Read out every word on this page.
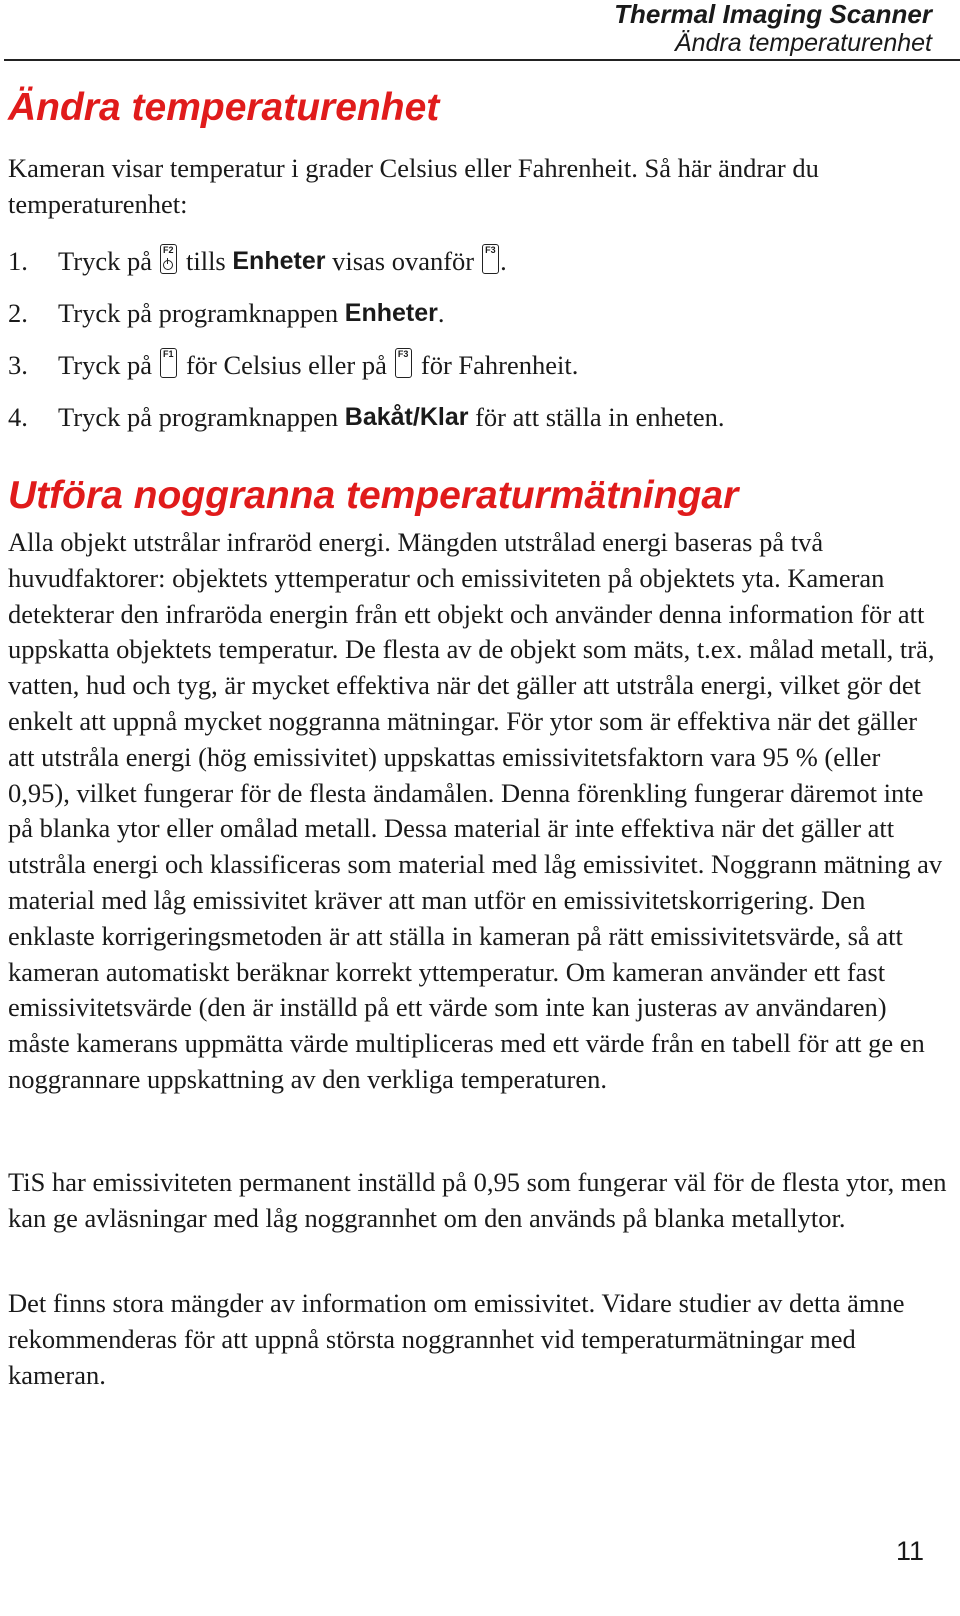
Thermal Imaging Scanner
Ändra temperaturenhet
Ändra temperaturenhet

Kameran visar temperatur i grader Celsius eller Fahrenheit. Så här ändrar du temperaturenhet:

1.	Tryck på F2 tills
Enheter
visas ovanför F3 .
2.	Tryck på programknappen
Enheter .
3.	Tryck på F1 för Celsius eller på F3 för Fahrenheit.
4.	Tryck på programknappen
Bakåt/Klar
för att ställa in enheten.
Utföra noggranna temperaturmätningar

Alla objekt utstrålar infraröd energi. Mängden utstrålad energi baseras på två huvudfaktorer: objektets yttemperatur och emissiviteten på objektets yta. Kameran detekterar den infraröda energin från ett objekt och använder denna information för att uppskatta objektets temperatur. De flesta av de objekt som mäts, t.ex. målad metall, trä, vatten, hud och tyg, är mycket effektiva när det gäller att utstråla energi, vilket gör det enkelt att uppnå mycket noggranna mätningar. För ytor som är effektiva när det gäller att utstråla energi (hög emissivitet) uppskattas emissivitetsfaktorn vara 95 % (eller 0,95), vilket fungerar för de flesta ändamålen. Denna förenkling fungerar däremot inte på blanka ytor eller omålad metall. Dessa material är inte effektiva när det gäller att utstråla energi och klassificeras som material med låg emissivitet. Noggrann mätning av material med låg emissivitet kräver att man utför en emissivitetskorrigering. Den enklaste korrigeringsmetoden är att ställa in kameran på rätt emissivitetsvärde, så att kameran automatiskt beräknar korrekt yttemperatur. Om kameran använder ett fast emissivitetsvärde (den är inställd på ett värde som inte kan justeras av användaren) måste kamerans uppmätta värde multipliceras med ett värde från en tabell för att ge en noggrannare uppskattning av den verkliga temperaturen.

TiS har emissiviteten permanent inställd på 0,95 som fungerar väl för de flesta ytor, men kan ge avläsningar med låg noggrannhet om den används på blanka metallytor.

Det finns stora mängder av information om emissivitet. Vidare studier av detta ämne rekommenderas för att uppnå största noggrannhet vid temperaturmätningar med kameran.

11
